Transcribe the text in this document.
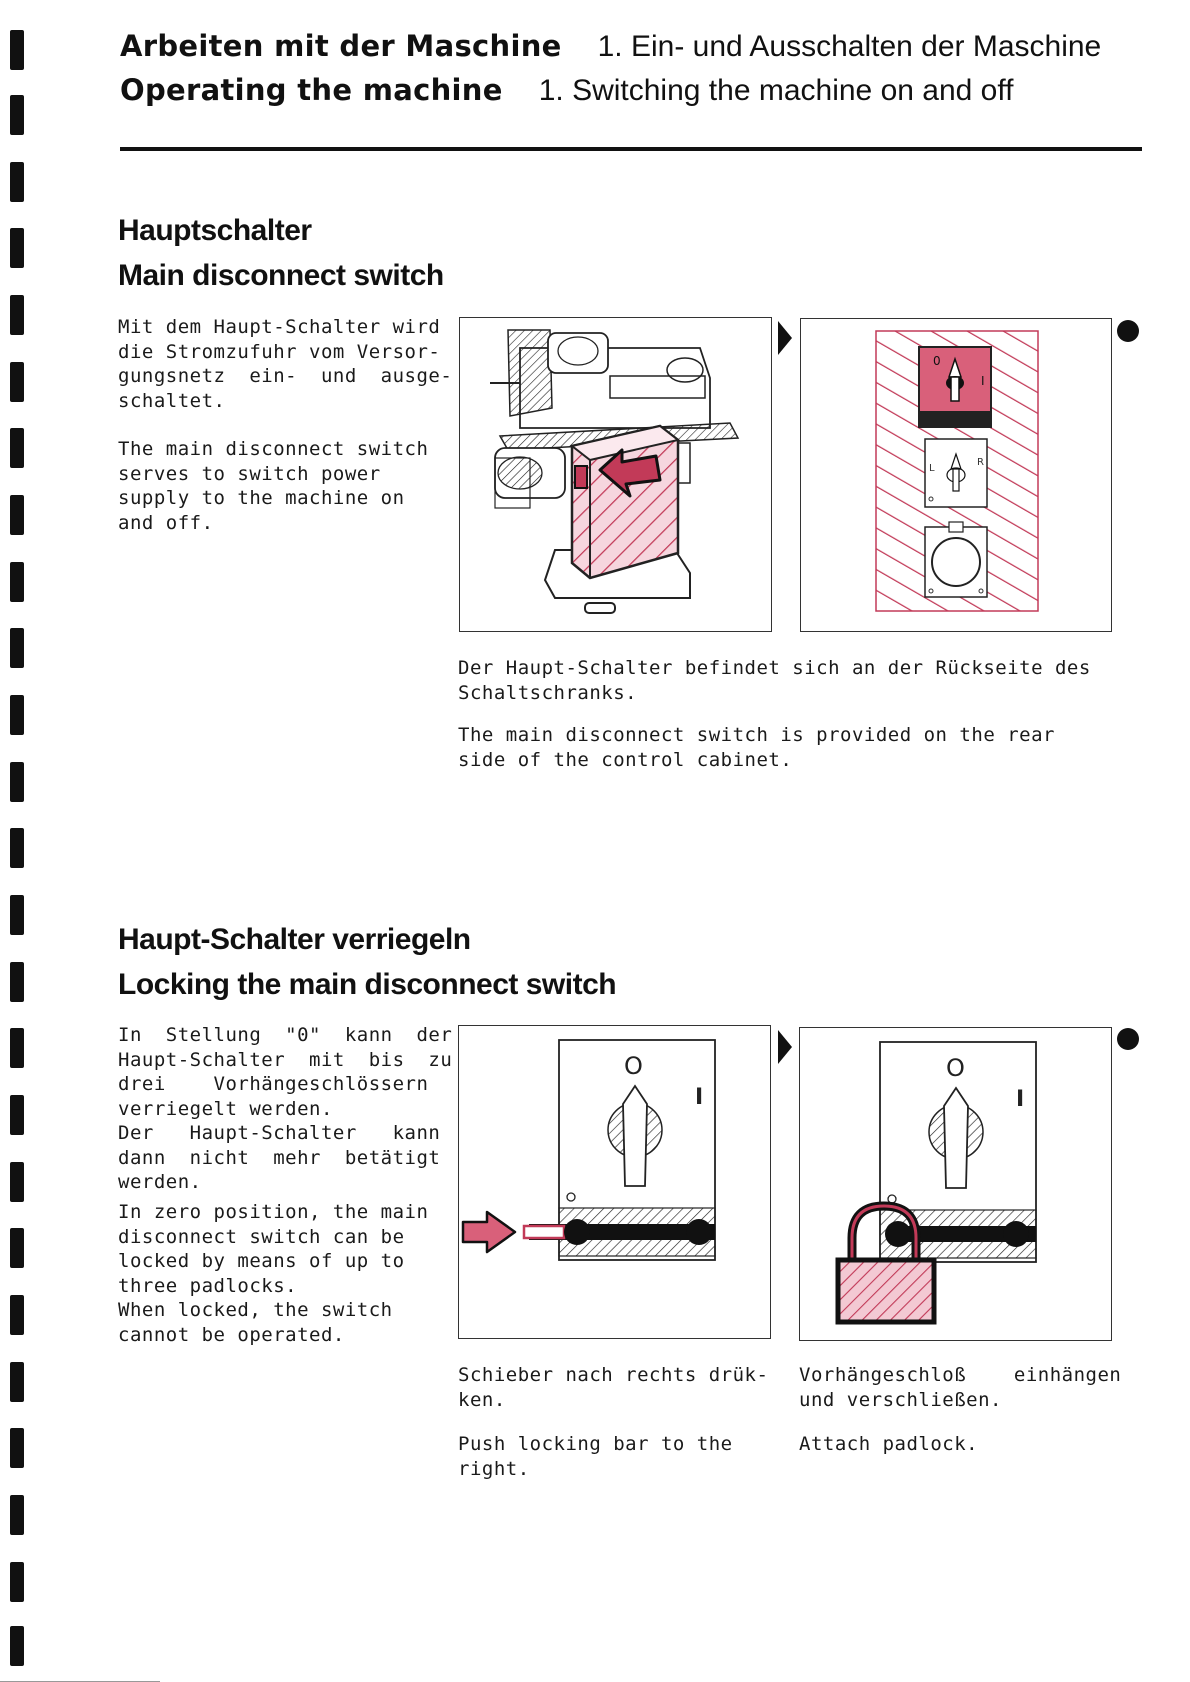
Arbeiten mit der Maschine 1. Ein- und Ausschalten der Maschine
Operating the machine 1. Switching the machine on and off
Hauptschalter
Main disconnect switch
Mit dem Haupt-Schalter wird
die Stromzufuhr vom Versor-
gungsnetz  ein-  und  ausge-
schaltet.
The main disconnect switch
serves to switch power
supply to the machine on
and off.
0
I
L
R
Der Haupt-Schalter befindet sich an der Rückseite des
Schaltschranks.
The main disconnect switch is provided on the rear
side of the control cabinet.
Haupt-Schalter verriegeln
Locking the main disconnect switch
In  Stellung  "0"  kann  der
Haupt-Schalter  mit  bis  zu
drei    Vorhängeschlössern
verriegelt werden.
Der   Haupt-Schalter   kann
dann  nicht  mehr  betätigt
werden.
In zero position, the main
disconnect switch can be
locked by means of up to
three padlocks.
When locked, the switch
cannot be operated.
O
I
O
I
Schieber nach rechts drük-
ken.
Push locking bar to the
right.
Vorhängeschloß    einhängen
und verschließen.
Attach padlock.
